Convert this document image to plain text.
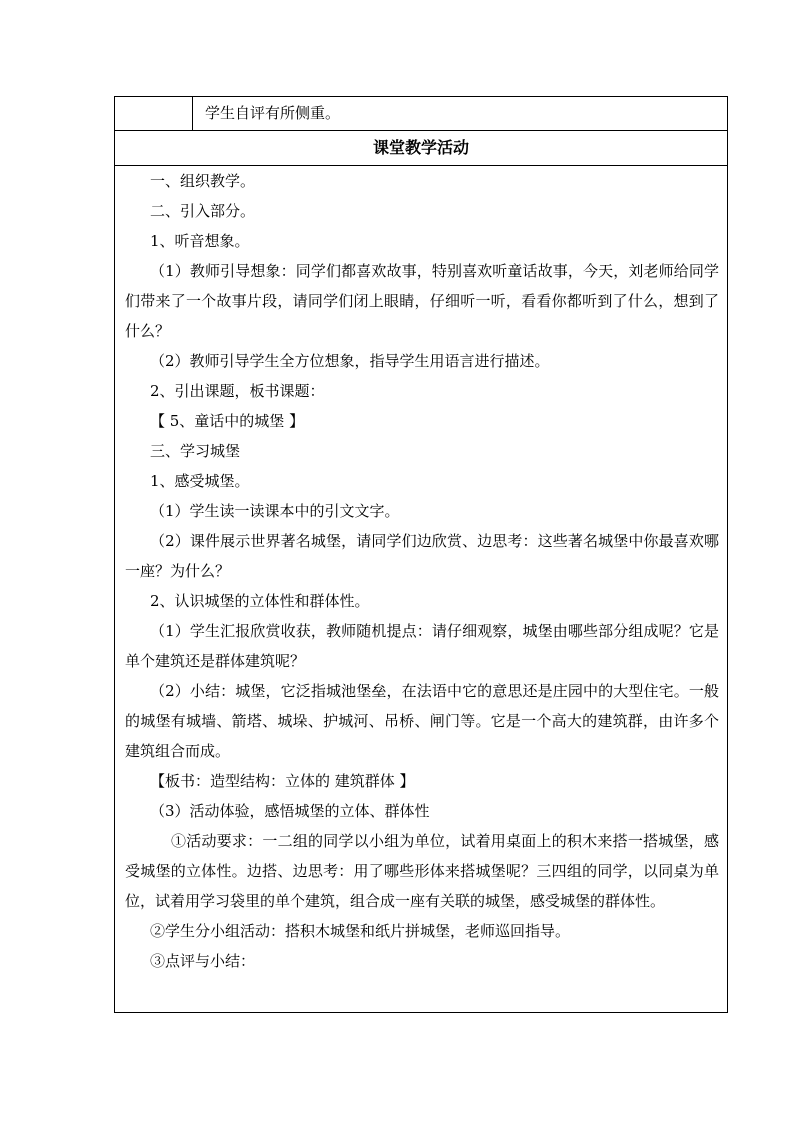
学生自评有所侧重。
课堂教学活动

一、组织教学。

二、引入部分。

1、听音想象。

（1）教师引导想象：同学们都喜欢故事，特别喜欢听童话故事，今天，刘老师给同学们带来了一个故事片段，请同学们闭上眼睛，仔细听一听，看看你都听到了什么，想到了什么？

（2）教师引导学生全方位想象，指导学生用语言进行描述。

2、引出课题，板书课题：

【 5、童话中的城堡 】

三、学习城堡

1、感受城堡。

（1）学生读一读课本中的引文文字。

（2）课件展示世界著名城堡，请同学们边欣赏、边思考：这些著名城堡中你最喜欢哪一座？为什么？

2、认识城堡的立体性和群体性。

（1）学生汇报欣赏收获，教师随机提点：请仔细观察，城堡由哪些部分组成呢？它是单个建筑还是群体建筑呢？

（2）小结：城堡，它泛指城池堡垒，在法语中它的意思还是庄园中的大型住宅。一般的城堡有城墙、箭塔、城垛、护城河、吊桥、闸门等。它是一个高大的建筑群，由许多个建筑组合而成。

【板书：造型结构：立体的 建筑群体 】

（3）活动体验，感悟城堡的立体、群体性

①活动要求：一二组的同学以小组为单位，试着用桌面上的积木来搭一搭城堡，感受城堡的立体性。边搭、边思考：用了哪些形体来搭城堡呢？三四组的同学，以同桌为单位，试着用学习袋里的单个建筑，组合成一座有关联的城堡，感受城堡的群体性。

②学生分小组活动：搭积木城堡和纸片拼城堡，老师巡回指导。

③点评与小结：
